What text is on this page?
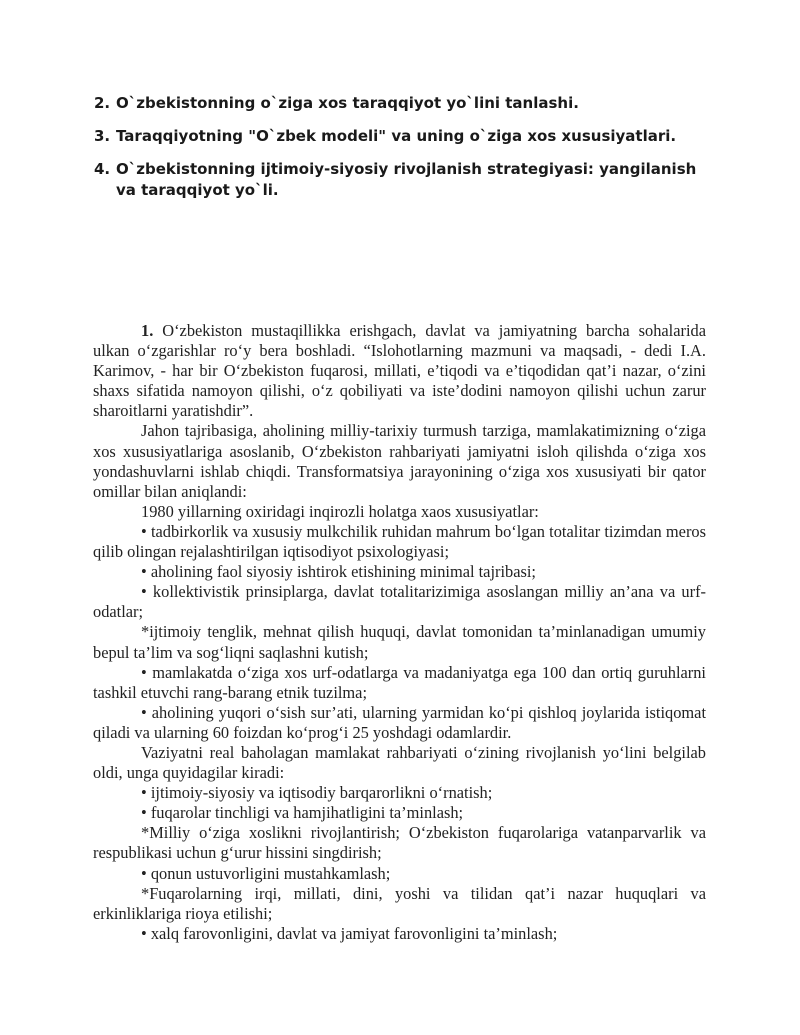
2. O`zbekistonning o`ziga xos taraqqiyot yo`lini tanlashi.
3. Taraqqiyotning "O`zbek modeli" va uning o`ziga xos xususiyatlari.
4. O`zbekistonning ijtimoiy-siyosiy rivojlanish strategiyasi: yangilanish va taraqqiyot yo`li.

1. O‘zbekiston mustaqillikka erishgach, davlat va jamiyatning barcha sohalarida ulkan o‘zgarishlar ro‘y bera boshladi. “Islohotlarning mazmuni va maqsadi, - dedi I.A. Karimov, - har bir O‘zbekiston fuqarosi, millati, e’tiqodi va e’tiqodidan qat’i nazar, o‘zini shaxs sifatida namoyon qilishi, o‘z qobiliyati va iste’dodini namoyon qilishi uchun zarur sharoitlarni yaratishdir”.

Jahon tajribasiga, aholining milliy-tarixiy turmush tarziga, mamlakatimizning o‘ziga xos xususiyatlariga asoslanib, O‘zbekiston rahbariyati jamiyatni isloh qilishda o‘ziga xos yondashuvlarni ishlab chiqdi. Transformatsiya jarayonining o‘ziga xos xususiyati bir qator omillar bilan aniqlandi:

1980 yillarning oxiridagi inqirozli holatga xaos xususiyatlar:

• tadbirkorlik va xususiy mulkchilik ruhidan mahrum bo‘lgan totalitar tizimdan meros qilib olingan rejalashtirilgan iqtisodiyot psixologiyasi;

• aholining faol siyosiy ishtirok etishining minimal tajribasi;

• kollektivistik prinsiplarga, davlat totalitarizimiga asoslangan milliy an’ana va urf-odatlar;

*ijtimoiy tenglik, mehnat qilish huquqi, davlat tomonidan ta’minlanadigan umumiy bepul ta’lim va sog‘liqni saqlashni kutish;

• mamlakatda o‘ziga xos urf-odatlarga va madaniyatga ega 100 dan ortiq guruhlarni tashkil etuvchi rang-barang etnik tuzilma;

• aholining yuqori o‘sish sur’ati, ularning yarmidan ko‘pi qishloq joylarida istiqomat qiladi va ularning 60 foizdan ko‘prog‘i 25 yoshdagi odamlardir.

Vaziyatni real baholagan mamlakat rahbariyati o‘zining rivojlanish yo‘lini belgilab oldi, unga quyidagilar kiradi:

• ijtimoiy-siyosiy va iqtisodiy barqarorlikni o‘rnatish;

• fuqarolar tinchligi va hamjihatligini ta’minlash;

*Milliy o‘ziga xoslikni rivojlantirish; O‘zbekiston fuqarolariga vatanparvarlik va respublikasi uchun g‘urur hissini singdirish;

• qonun ustuvorligini mustahkamlash;

*Fuqarolarning irqi, millati, dini, yoshi va tilidan qat’i nazar huquqlari va erkinliklariga rioya etilishi;

• xalq farovonligini, davlat va jamiyat farovonligini ta’minlash;
